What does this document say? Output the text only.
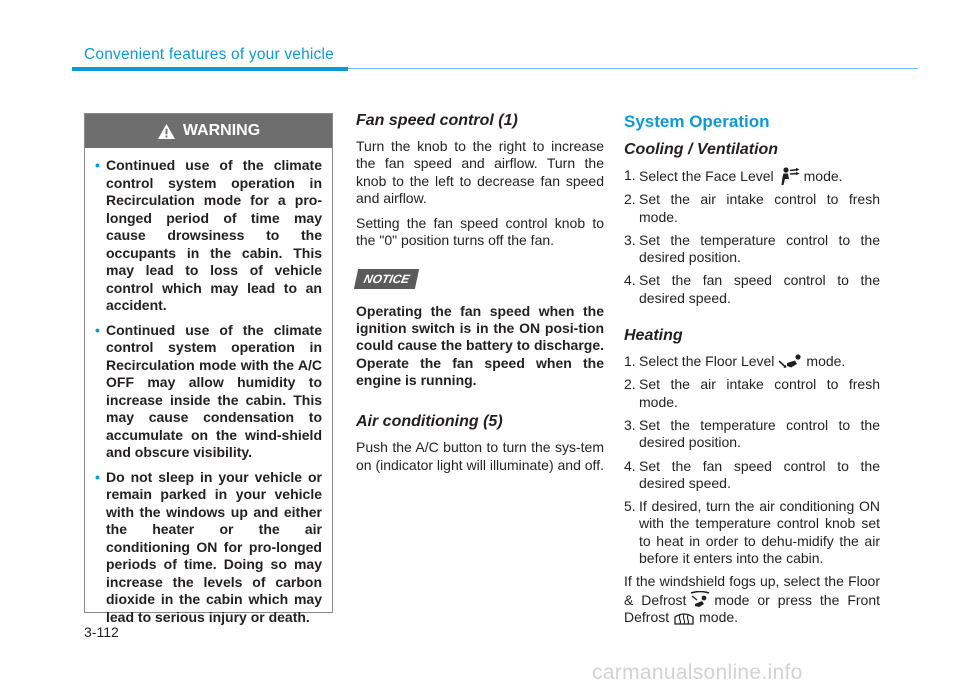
Convenient features of your vehicle
WARNING
• Continued use of the climate control system operation in Recirculation mode for a pro-longed period of time may cause drowsiness to the occupants in the cabin. This may lead to loss of vehicle control which may lead to an accident.
• Continued use of the climate control system operation in Recirculation mode with the A/C OFF may allow humidity to increase inside the cabin. This may cause condensation to accumulate on the wind-shield and obscure visibility.
• Do not sleep in your vehicle or remain parked in your vehicle with the windows up and either the heater or the air conditioning ON for pro-longed periods of time. Doing so may increase the levels of carbon dioxide in the cabin which may lead to serious injury or death.
Fan speed control (1)

Turn the knob to the right to increase the fan speed and airflow. Turn the knob to the left to decrease fan speed and airflow.

Setting the fan speed control knob to the "0" position turns off the fan.

NOTICE

Operating the fan speed when the ignition switch is in the ON posi-tion could cause the battery to discharge. Operate the fan speed when the engine is running.

Air conditioning (5)

Push the A/C button to turn the sys-tem on (indicator light will illuminate) and off.

System Operation
Cooling / Ventilation
1. Select the Face Level mode.
2. Set the air intake control to fresh mode.
3. Set the temperature control to the desired position.
4. Set the fan speed control to the desired speed.
Heating
1. Select the Floor Level mode.
2. Set the air intake control to fresh mode.
3. Set the temperature control to the desired position.
4. Set the fan speed control to the desired speed.
5. If desired, turn the air conditioning ON with the temperature control knob set to heat in order to dehu-midify the air before it enters into the cabin.

If the windshield fogs up, select the Floor & Defrost mode or press the Front Defrost mode.

3-112
carmanualsonline.info
